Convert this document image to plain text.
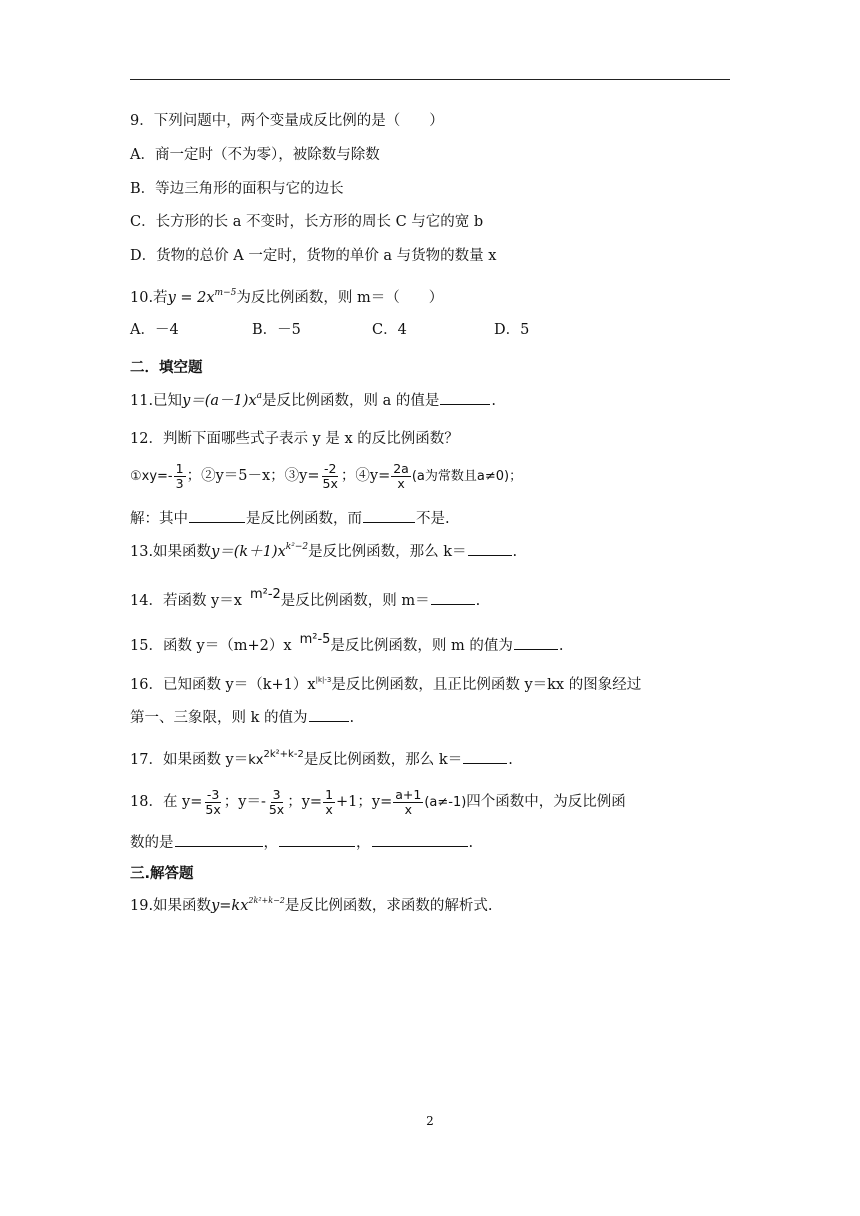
9．下列问题中，两个变量成反比例的是（　　）
A．商一定时（不为零），被除数与除数
B．等边三角形的面积与它的边长
C．长方形的长 a 不变时，长方形的周长 C 与它的宽 b
D．货物的总价 A 一定时，货物的单价 a 与货物的数量 x
10.若$y = 2x^{m-5}$为反比例函数，则 m＝（　　）
A．－4	B．－5	C．4	D．5
二．填空题
11.已知$y=(a-1)x^a$是反比例函数，则 a 的值是	.
12．判断下面哪些式子表示 y 是 x 的反比例函数？
①xy=- $\frac{1}{3}$ ；②y＝5－x；③y= $\frac{-2}{5x}$ ；④y= $\frac{2a}{x} (a$为常数且a≠0)；
解：其中	是反比例函数，而	不是.
13.如果函数$y=(k+1)x^{k^2-2}$是反比例函数，那么 k＝	.
14．若函数 y＝x m²-2是反比例函数，则 m＝	.
15．函数 y＝（m+2）x m²-5是反比例函数，则 m 的值为	.
16．已知函数 $y=(k+1)x^{|k|-3}$是反比例函数，且正比例函数 y＝kx 的图象经过
第一、三象限，则 k 的值为	.
17．如果函数 $y=kx^{2k^2+k-2}$是反比例函数，那么 k＝	.
18．在 $y= \frac{-3}{5x}$ ；$y=- \frac{3}{5x}$ ；$y= \frac{1}{x} +1$；$y= \frac{a+1}{x} (a\ne-1)$四个函数中，为反比例函
数的是	，	，	.
三.解答题
19.如果函数$y=kx^{2k^2+k-2}$是反比例函数，求函数的解析式.
2
